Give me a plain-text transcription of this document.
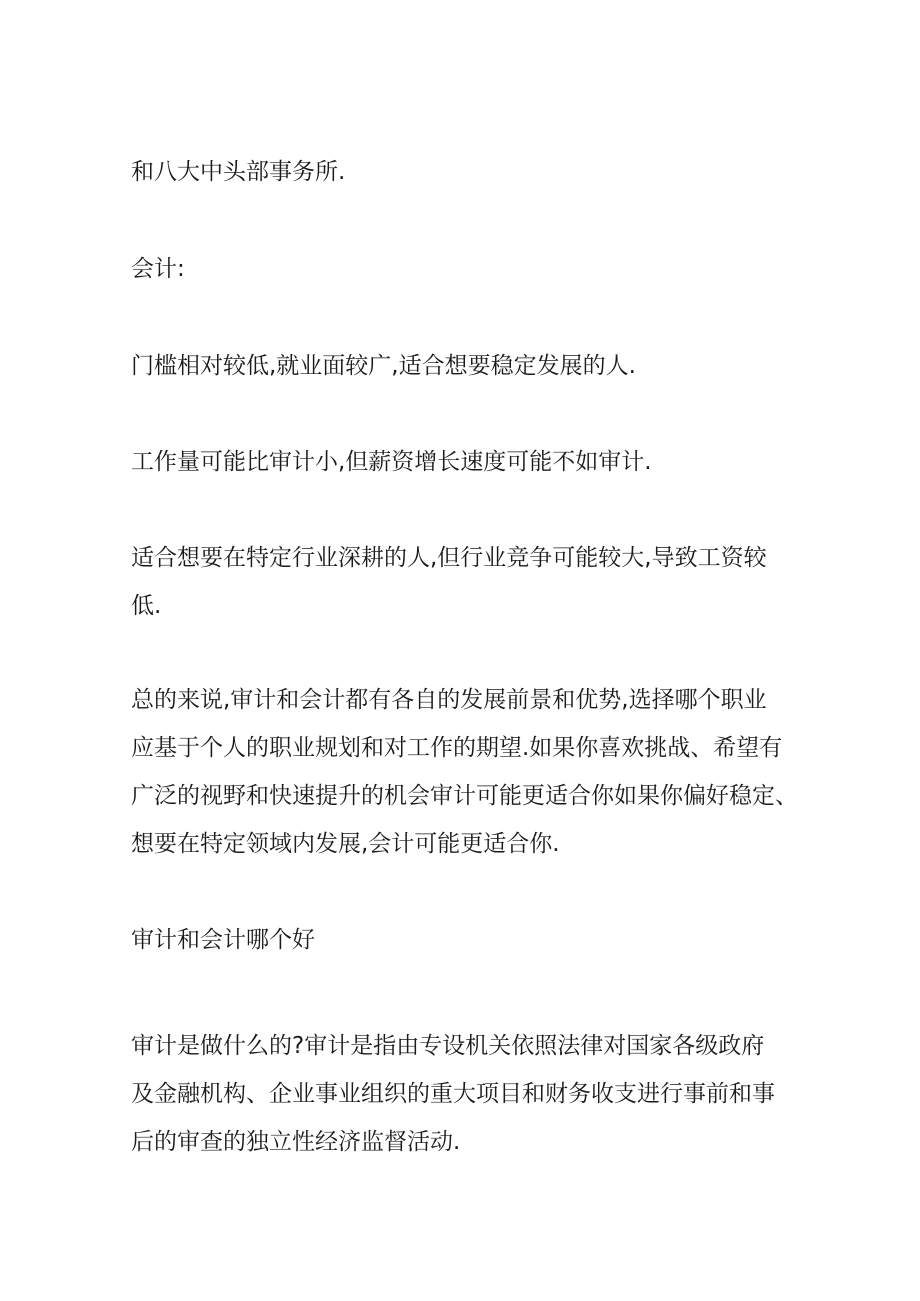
和八大中头部事务所.

会计:

门槛相对较低,就业面较广,适合想要稳定发展的人.

工作量可能比审计小,但薪资增长速度可能不如审计.

适合想要在特定行业深耕的人,但行业竞争可能较大,导致工资较
低.

总的来说,审计和会计都有各自的发展前景和优势,选择哪个职业
应基于个人的职业规划和对工作的期望.如果你喜欢挑战、希望有
广泛的视野和快速提升的机会审计可能更适合你如果你偏好稳定、
想要在特定领域内发展,会计可能更适合你.

审计和会计哪个好

审计是做什么的?审计是指由专设机关依照法律对国家各级政府
及金融机构、企业事业组织的重大项目和财务收支进行事前和事
后的审查的独立性经济监督活动.
